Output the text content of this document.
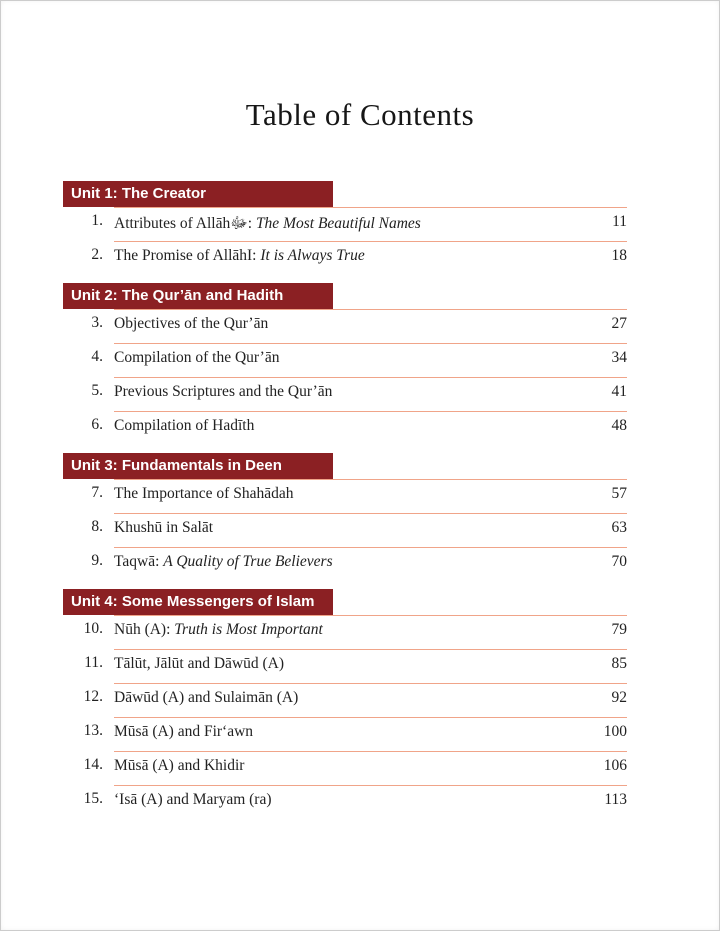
Table of Contents
Unit 1: The Creator
1. Attributes of Allāhﷻ: The Most Beautiful Names	11
2. The Promise of AllāhI: It is Always True	18
Unit 2: The Qur’ān and Hadith
3. Objectives of the Qur’ān	27
4. Compilation of the Qur’ān	34
5. Previous Scriptures and the Qur’ān	41
6. Compilation of Hadīth	48
Unit 3: Fundamentals in Deen
7. The Importance of Shahādah	57
8. Khushū in Salāt	63
9. Taqwā: A Quality of True Believers	70
Unit 4: Some Messengers of Islam
10. Nūh (A): Truth is Most Important	79
11. Tālūt, Jālūt and Dāwūd (A)	85
12. Dāwūd (A) and Sulaimān (A)	92
13. Mūsā (A) and Fir‘awn	100
14. Mūsā (A) and Khidir	106
15. ‘Isā (A) and Maryam (ra)	113
